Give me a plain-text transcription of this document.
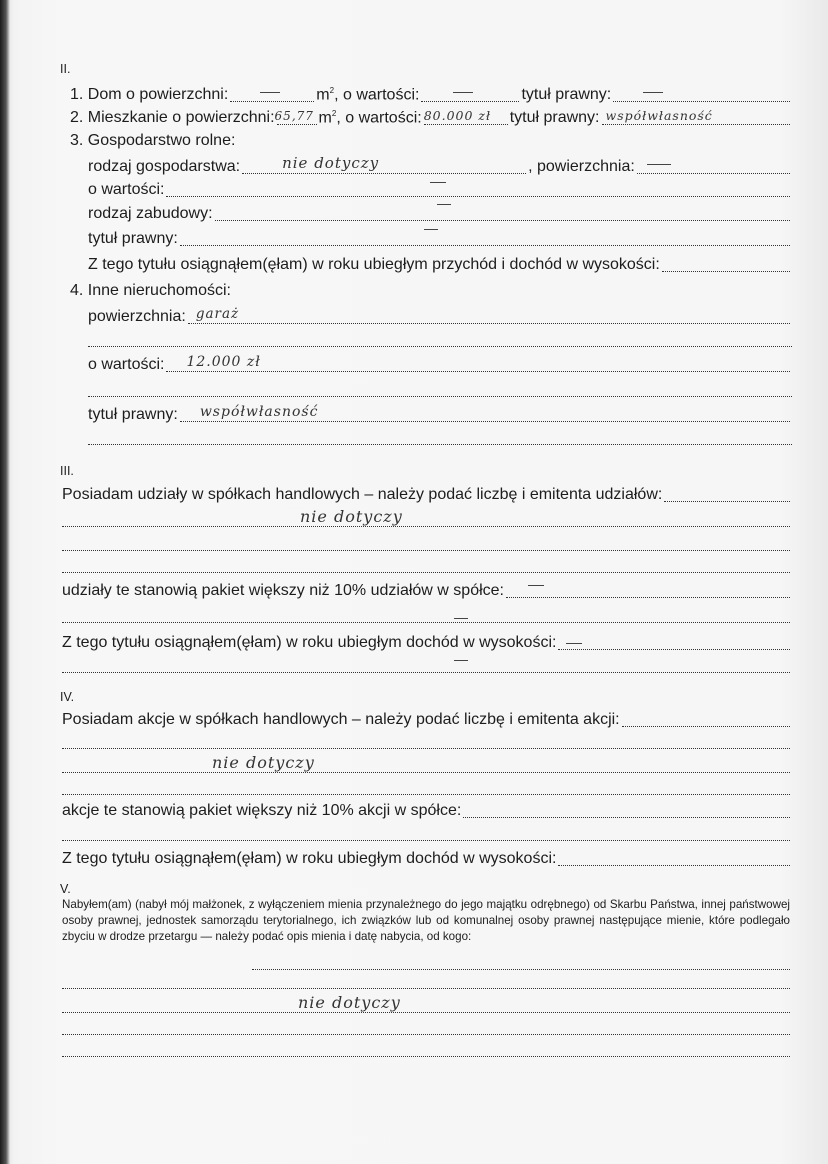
II.
1. Dom o powierzchni:	$m^2$, o wartości:	tytuł prawny:
2. Mieszkanie o powierzchni: 65,77 $m^2$, o wartości: 80.000 zł tytuł prawny: współwłasność
3. Gospodarstwo rolne:
rodzaj gospodarstwa:	nie dotyczy	, powierzchnia:
o wartości:
rodzaj zabudowy:
tytuł prawny:
Z tego tytułu osiągnąłem(ęłam) w roku ubiegłym przychód i dochód w wysokości:
4. Inne nieruchomości:
powierzchnia: garaż
o wartości: 12.000 zł
tytuł prawny: współwłasność
III.
Posiadam udziały w spółkach handlowych – należy podać liczbę i emitenta udziałów:
nie dotyczy
udziały te stanowią pakiet większy niż 10% udziałów w spółce:
Z tego tytułu osiągnąłem(ęłam) w roku ubiegłym dochód w wysokości:
IV.
Posiadam akcje w spółkach handlowych – należy podać liczbę i emitenta akcji:
nie dotyczy
akcje te stanowią pakiet większy niż 10% akcji w spółce:
Z tego tytułu osiągnąłem(ęłam) w roku ubiegłym dochód w wysokości:
V.
Nabyłem(am) (nabył mój małżonek, z wyłączeniem mienia przynależnego do jego majątku odrębnego) od Skarbu Państwa, innej państwowej osoby prawnej, jednostek samorządu terytorialnego, ich związków lub od komunalnej osoby prawnej następujące mienie, które podlegało zbyciu w drodze przetargu — należy podać opis mienia i datę nabycia, od kogo:
nie dotyczy
